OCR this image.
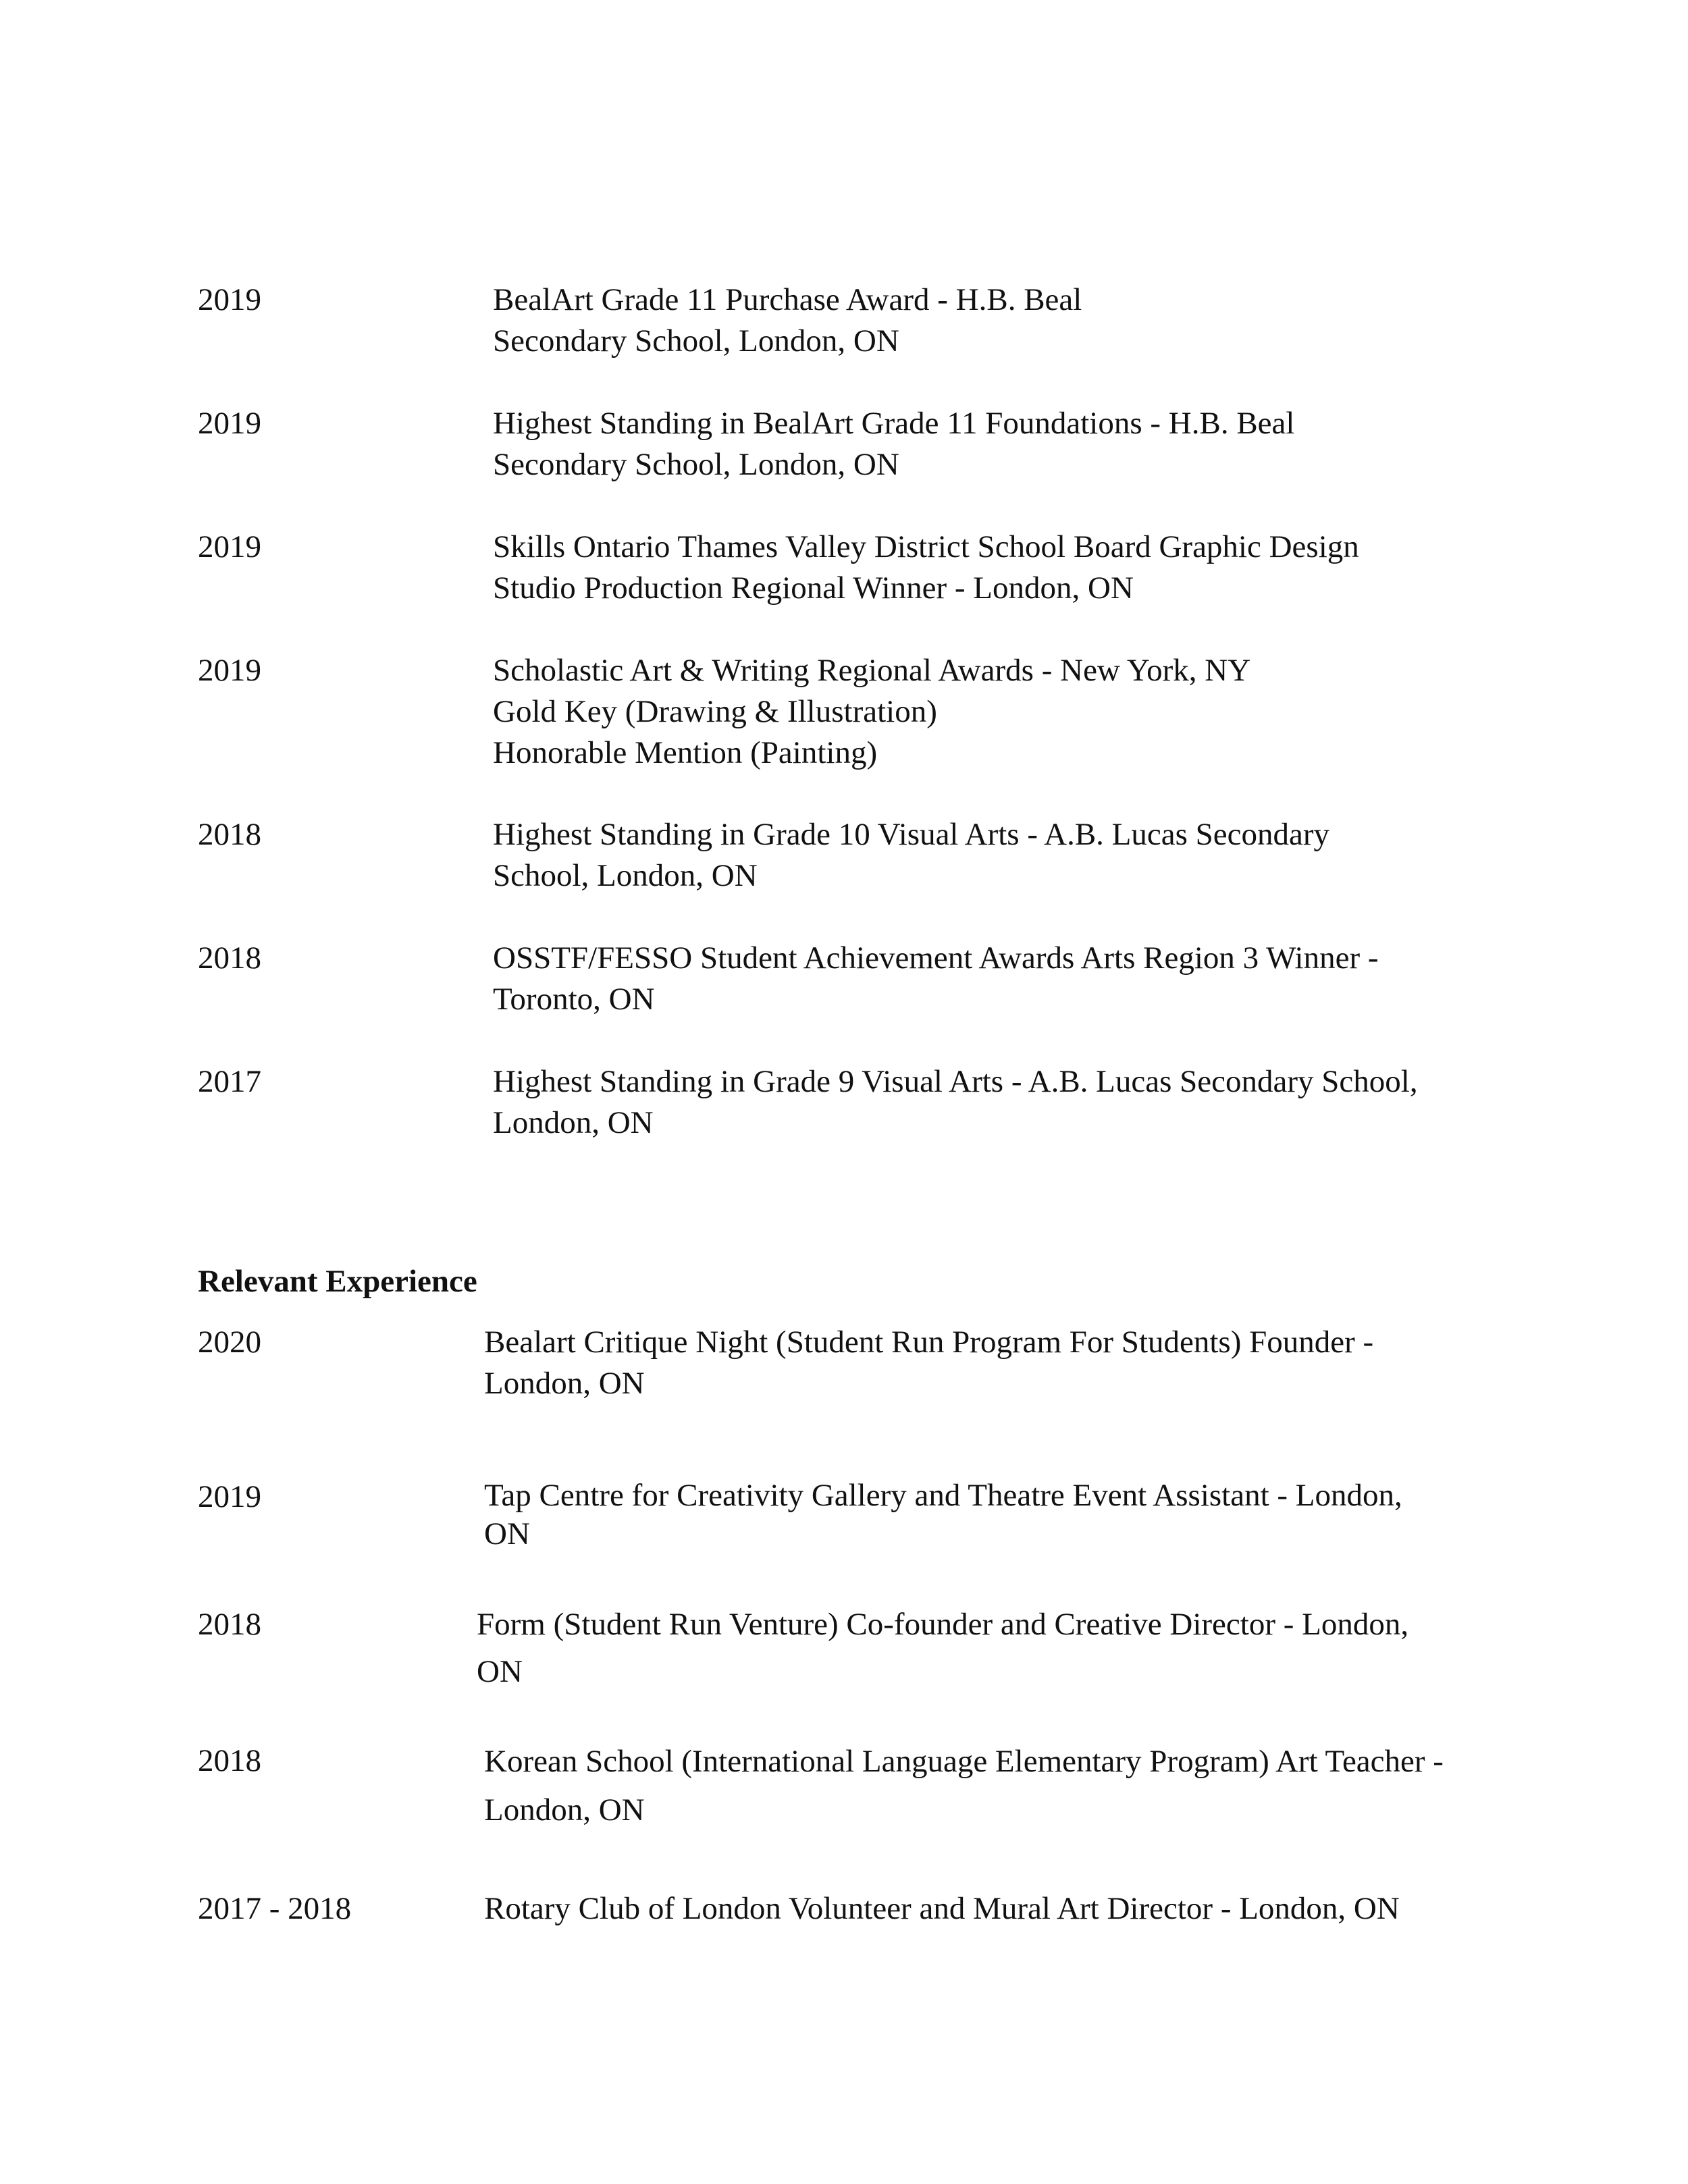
2019	BealArt Grade 11 Purchase Award - H.B. Beal
Secondary School, London, ON
2019	Highest Standing in BealArt Grade 11 Foundations - H.B. Beal
Secondary School, London, ON
2019	Skills Ontario Thames Valley District School Board Graphic Design
Studio Production Regional Winner - London, ON
2019	Scholastic Art & Writing Regional Awards - New York, NY
Gold Key (Drawing & Illustration)
Honorable Mention (Painting)
2018	Highest Standing in Grade 10 Visual Arts - A.B. Lucas Secondary
School, London, ON
2018	OSSTF/FESSO Student Achievement Awards Arts Region 3 Winner -
Toronto, ON
2017	Highest Standing in Grade 9 Visual Arts - A.B. Lucas Secondary School,
London, ON
Relevant Experience
2020	Bealart Critique Night (Student Run Program For Students) Founder -
London, ON
2019	Tap Centre for Creativity Gallery and Theatre Event Assistant - London,
ON
2018	Form (Student Run Venture) Co-founder and Creative Director - London,
ON
2018	Korean School (International Language Elementary Program) Art Teacher -
London, ON
2017 - 2018	Rotary Club of London Volunteer and Mural Art Director - London, ON
